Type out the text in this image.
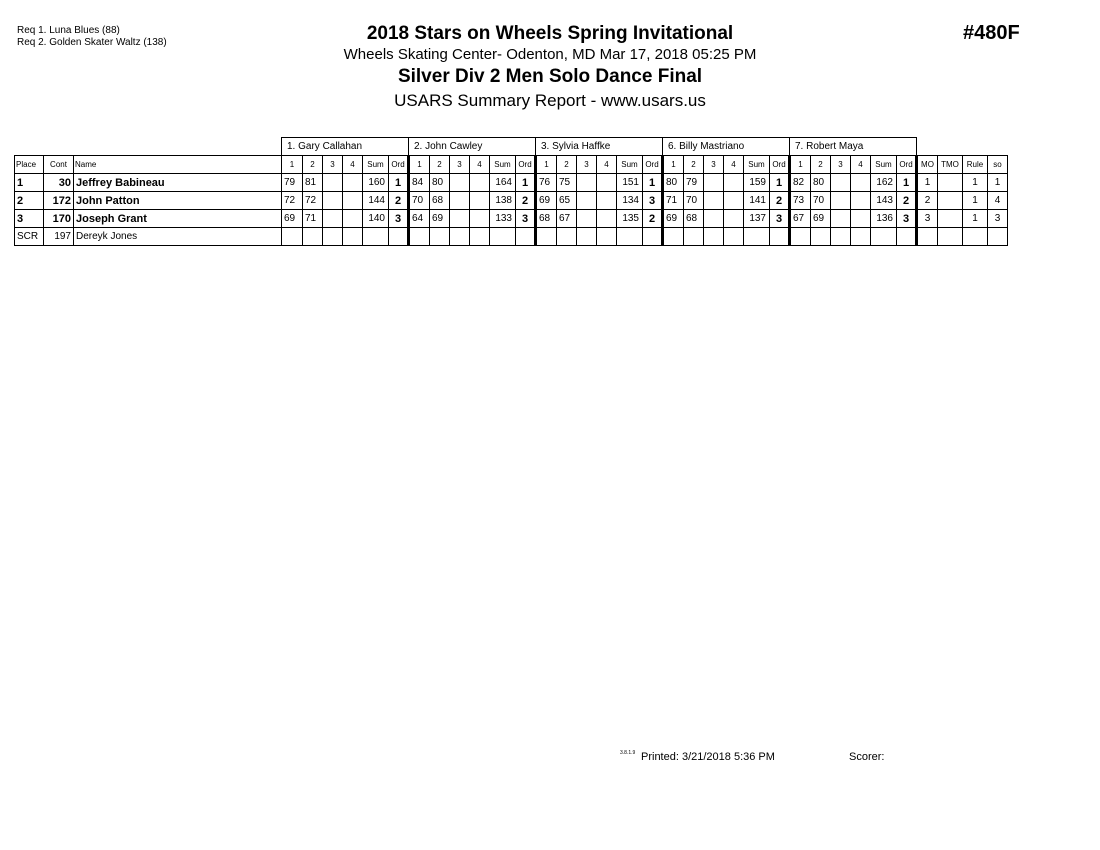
Req 1. Luna Blues (88)
Req 2. Golden Skater Waltz (138)	2018 Stars on Wheels Spring Invitational
Wheels Skating Center- Odenton, MD Mar 17, 2018 05:25 PM
Silver Div 2 Men Solo Dance Final
USARS Summary Report - www.usars.us
#480F
			1. Gary Callahan						2. John Cawley						3. Sylvia Haffke						6. Billy Mastriano						7. Robert Maya									
Place	Cont	Name	1	2	3	4	Sum	Ord	1	2	3	4	Sum	Ord	1	2	3	4	Sum	Ord	1	2	3	4	Sum	Ord	1	2	3	4	Sum	Ord	MO	TMO	Rule	so
1	30	Jeffrey Babineau	79	81			160	1	84	80			164	1	76	75			151	1	80	79			159	1	82	80			162	1	1		1	1
2	172	John Patton	72	72			144	2	70	68			138	2	69	65			134	3	71	70			141	2	73	70			143	2	2		1	4
3	170	Joseph Grant	69	71			140	3	64	69			133	3	68	67			135	2	69	68			137	3	67	69			136	3	3		1	3
SCR	197	Dereyk Jones																																		
3.8.1.9 Printed: 3/21/2018 5:36 PM	Scorer:
